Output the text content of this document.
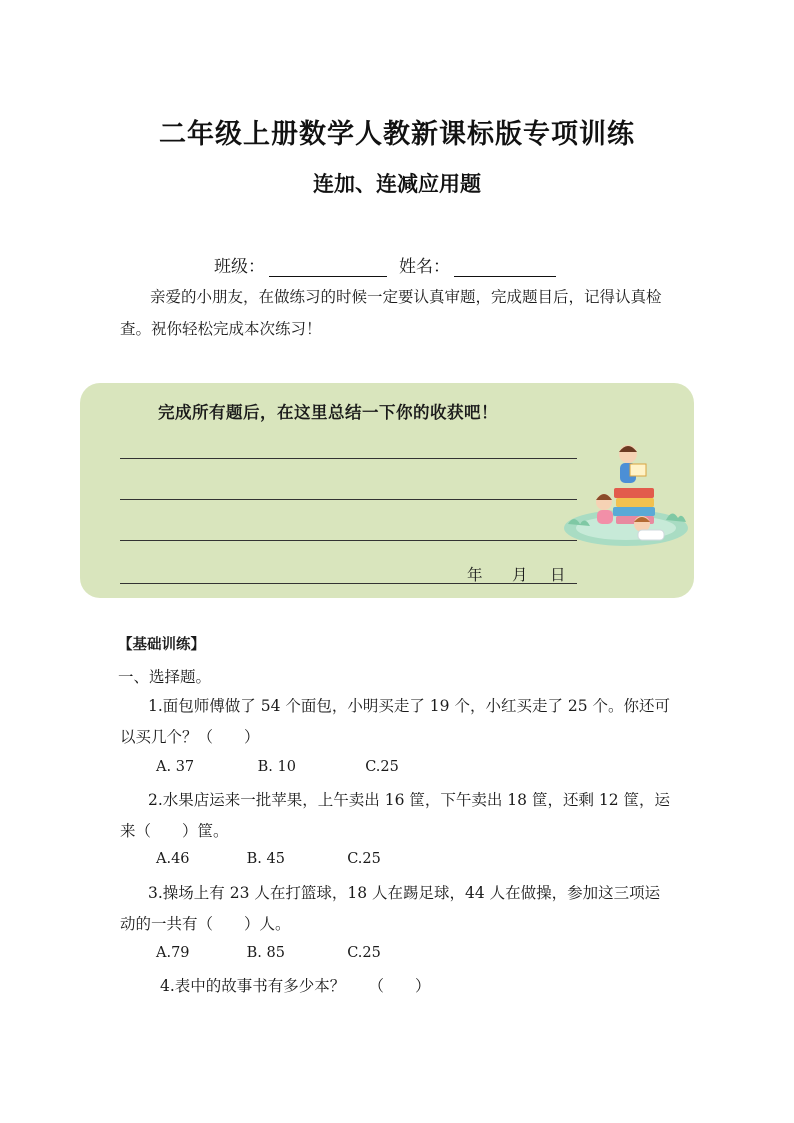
二年级上册数学人教新课标版专项训练
连加、连减应用题
班级：	姓名：
亲爱的小朋友，在做练习的时候一定要认真审题，完成题目后，记得认真检
查。祝你轻松完成本次练习！
完成所有题后，在这里总结一下你的收获吧！
年 月 日
【基础训练】
一、选择题。
1.面包师傅做了 54 个面包，小明买走了 19 个，小红买走了 25 个。你还可
以买几个？（　　）
A. 37	B. 10	C.25
2.水果店运来一批苹果，上午卖出 16 筐，下午卖出 18 筐，还剩 12 筐，运
来（　　）筐。
A.46	B. 45	C.25
3.操场上有 23 人在打篮球，18 人在踢足球，44 人在做操，参加这三项运
动的一共有（　　）人。
A.79	B. 85	C.25
4.表中的故事书有多少本？　　（　　）
